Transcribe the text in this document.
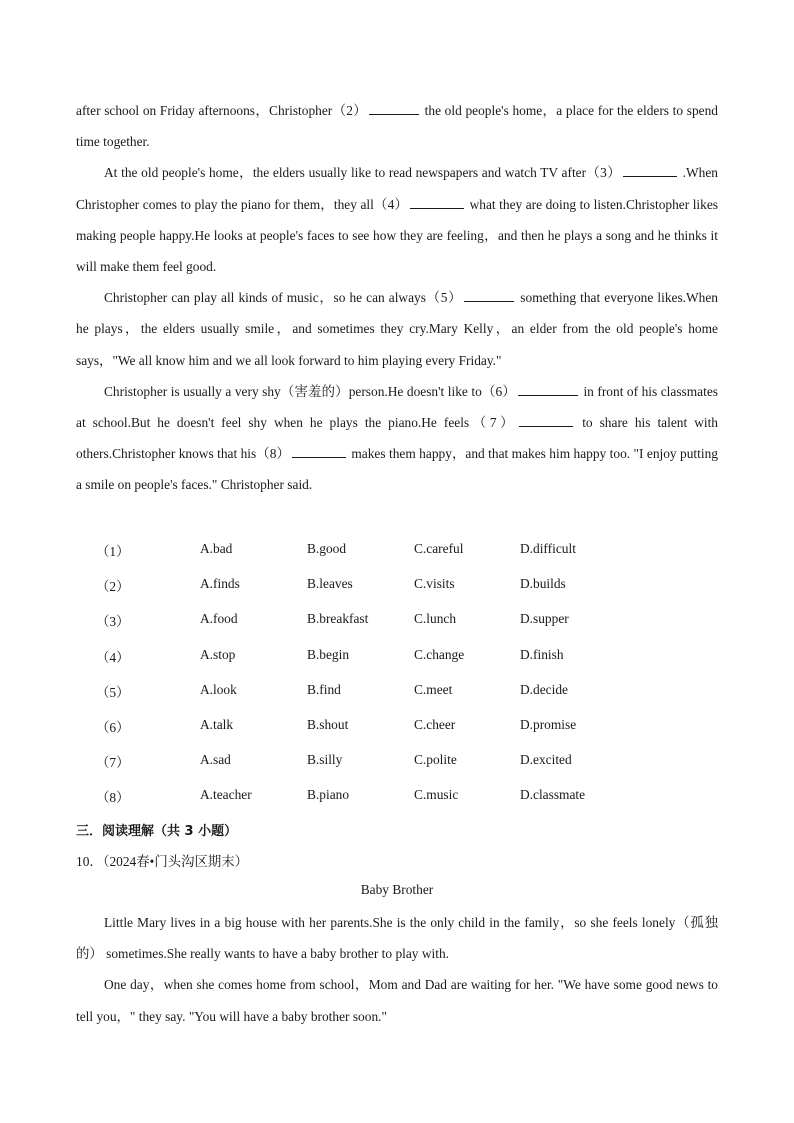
after school on Friday afternoons，Christopher（2）	the old people's home，a place for the elders to spend time together.

At the old people's home，the elders usually like to read newspapers and watch TV after（3）	.When Christopher comes to play the piano for them，they all（4）	what they are doing to listen.Christopher likes making people happy.He looks at people's faces to see how they are feeling，and then he plays a song and he thinks it will make them feel good.

Christopher can play all kinds of music，so he can always（5）	something that everyone likes.When he plays，the elders usually smile，and sometimes they cry.Mary Kelly，an elder from the old people's home says，"We all know him and we all look forward to him playing every Friday."

Christopher is usually a very shy（害羞的）person.He doesn't like to（6）	in front of his classmates at school.But he doesn't feel shy when he plays the piano.He feels（7）	to share his talent with others.Christopher knows that his（8）	makes them happy，and that makes him happy too. "I enjoy putting a smile on people's faces." Christopher said.

（1）	A.bad	B.good	C.careful	D.difficult
（2）	A.finds	B.leaves	C.visits	D.builds
（3）	A.food	B.breakfast	C.lunch	D.supper
（4）	A.stop	B.begin	C.change	D.finish
（5）	A.look	B.find	C.meet	D.decide
（6）	A.talk	B.shout	C.cheer	D.promise
（7）	A.sad	B.silly	C.polite	D.excited
（8）	A.teacher	B.piano	C.music	D.classmate
三．阅读理解（共 3 小题）
10．（2024春•门头沟区期末）
Baby Brother

Little Mary lives in a big house with her parents.She is the only child in the family，so she feels lonely（孤独的） sometimes.She really wants to have a baby brother to play with.

One day，when she comes home from school，Mom and Dad are waiting for her. "We have some good news to tell you，" they say. "You will have a baby brother soon."
